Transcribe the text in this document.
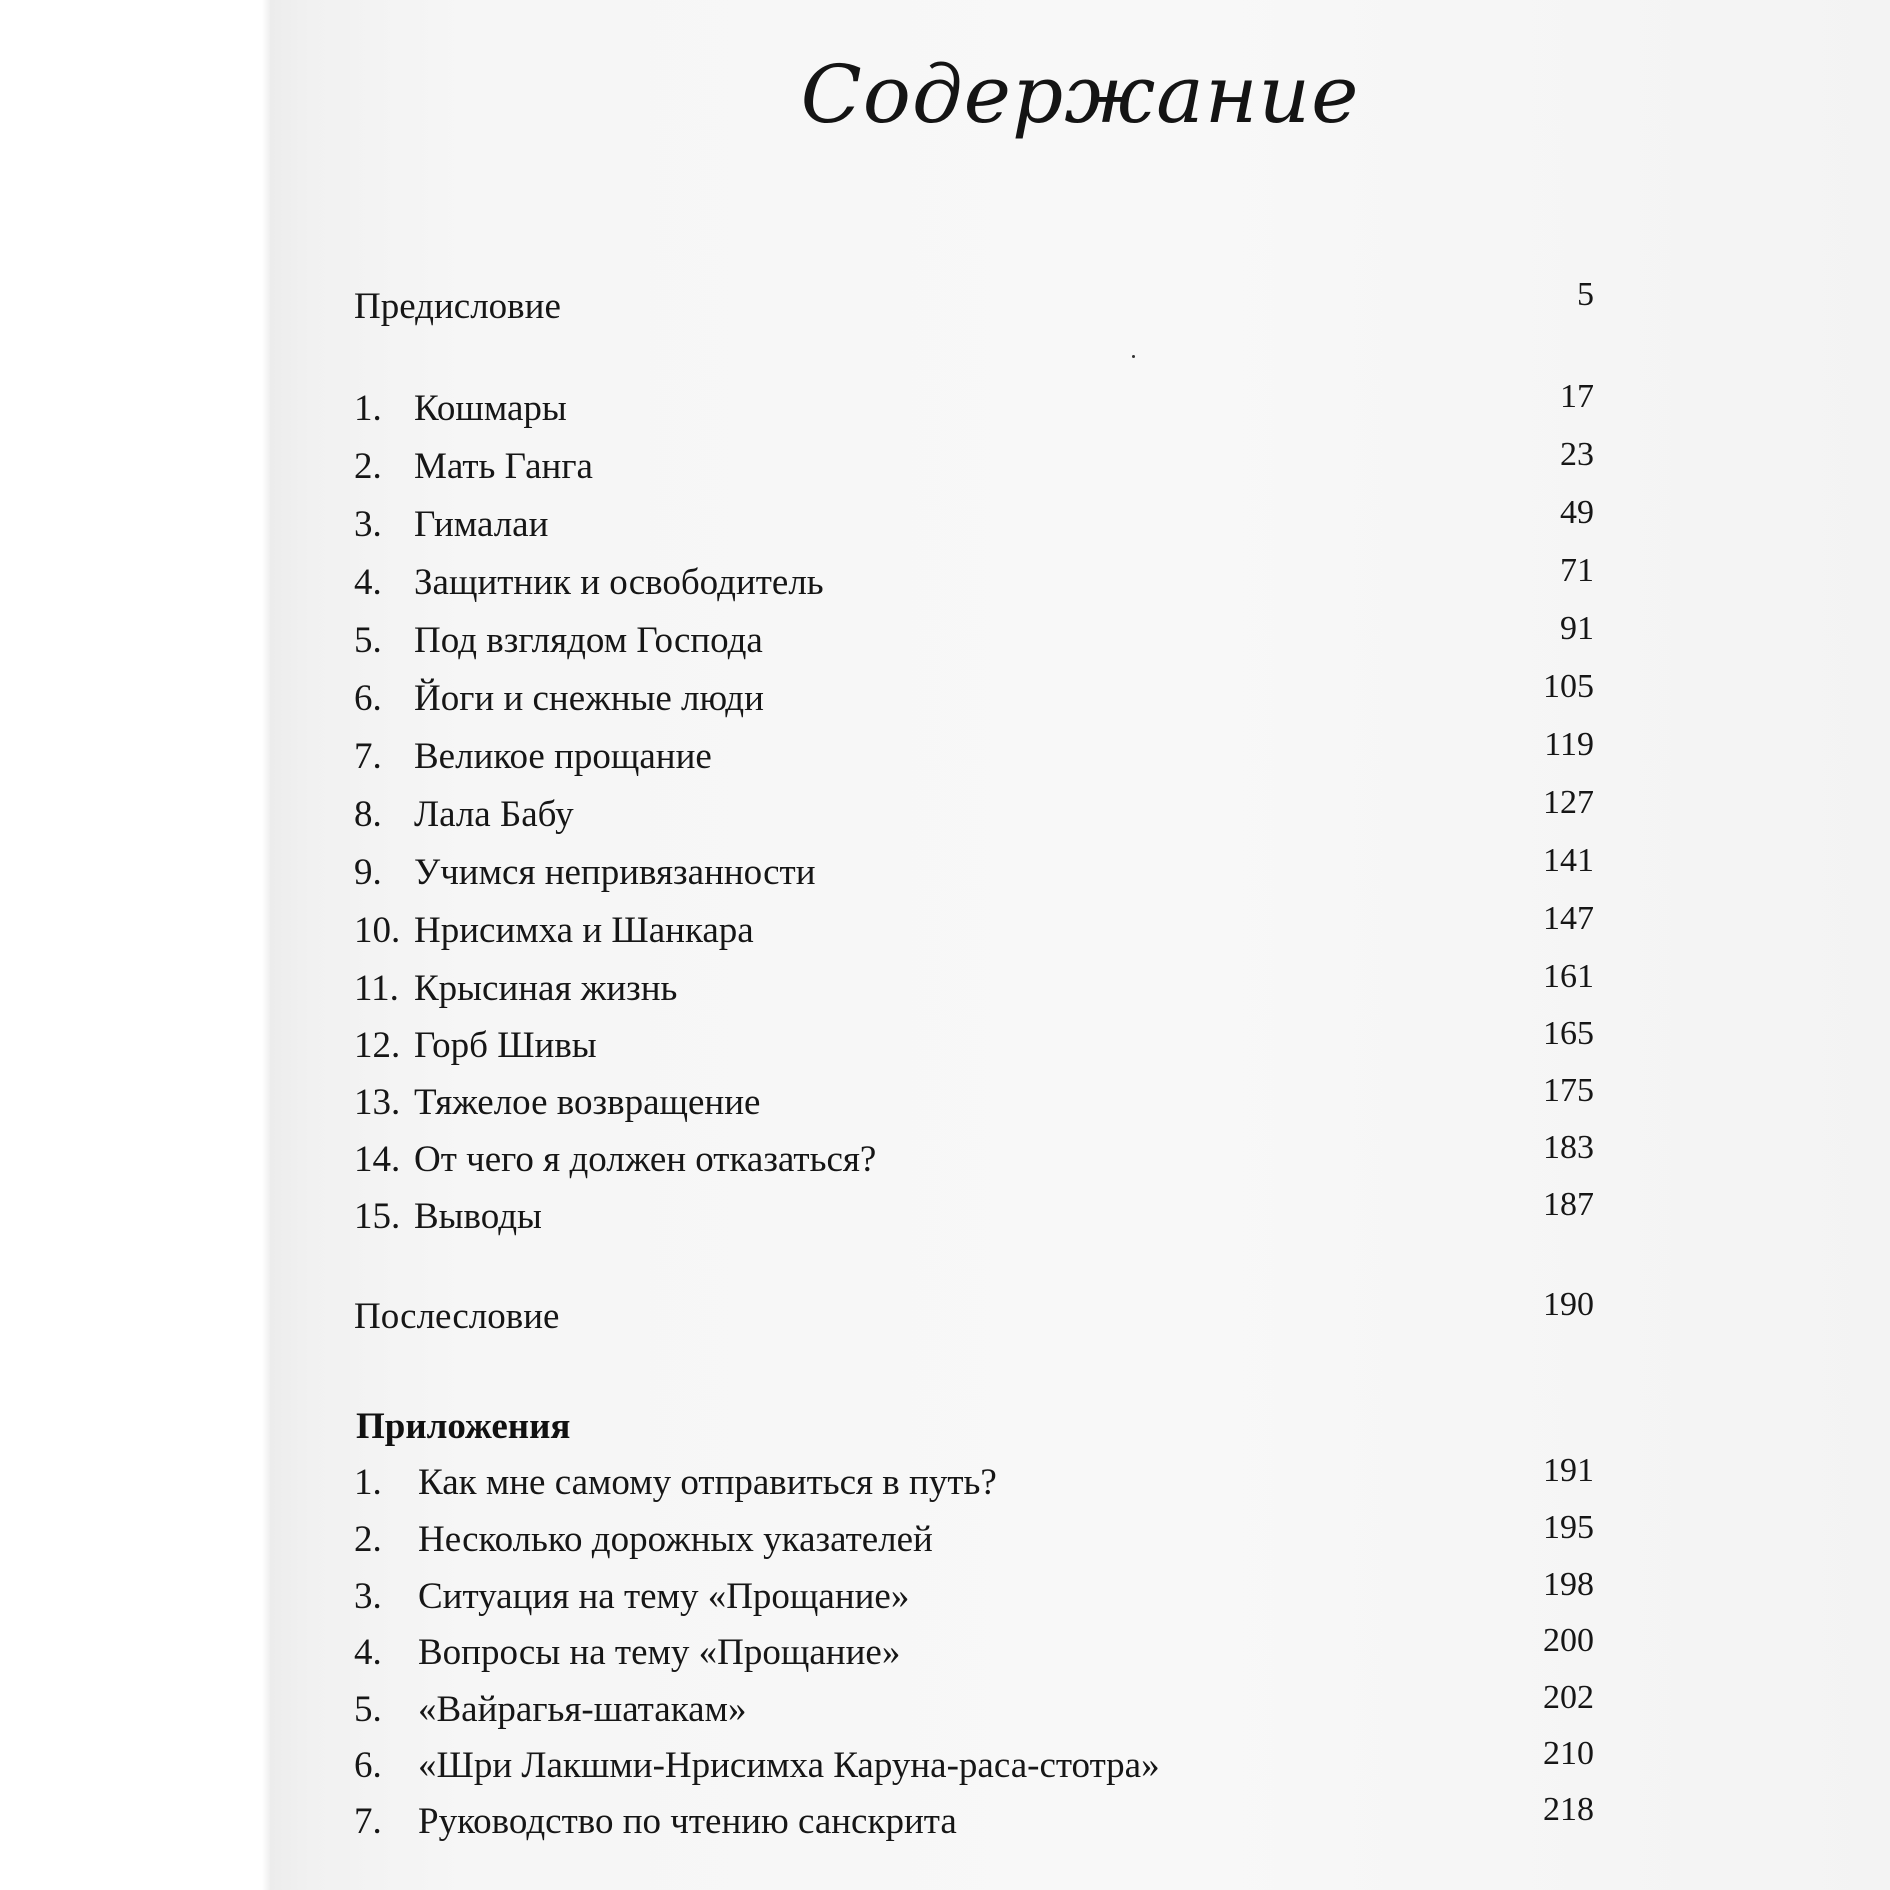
Содержание
Предисловие	5
1. Кошмары	17
2. Мать Ганга	23
3. Гималаи	49
4. Защитник и освободитель	71
5. Под взглядом Господа	91
6. Йоги и снежные люди	105
7. Великое прощание	119
8. Лала Бабу	127
9. Учимся непривязанности	141
10. Нрисимха и Шанкара	147
11. Крысиная жизнь	161
12. Горб Шивы	165
13. Тяжелое возвращение	175
14. От чего я должен отказаться?	183
15. Выводы	187
Послесловие	190
Приложения
1. Как мне самому отправиться в путь?	191
2. Несколько дорожных указателей	195
3. Ситуация на тему «Прощание»	198
4. Вопросы на тему «Прощание»	200
5. «Вайрагья-шатакам»	202
6. «Шри Лакшми-Нрисимха Каруна-раса-стотра»	210
7. Руководство по чтению санскрита	218
